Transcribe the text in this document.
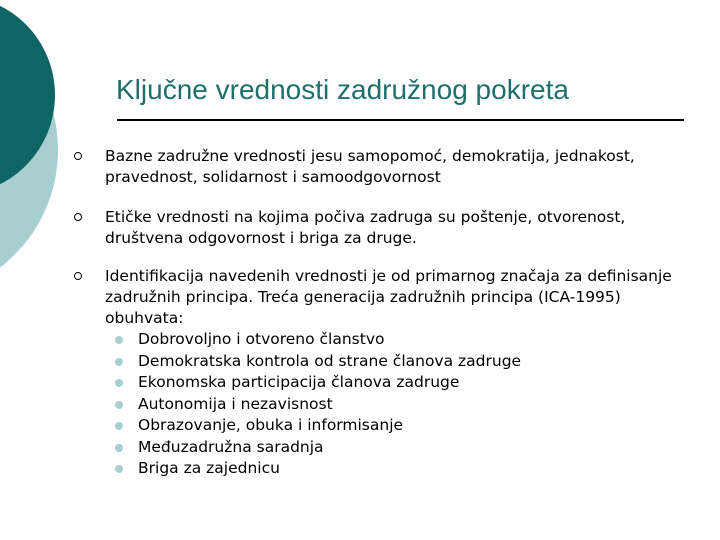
Ključne vrednosti zadružnog pokreta
Bazne zadružne vrednosti jesu samopomoć, demokratija, jednakost, pravednost, solidarnost i samoodgovornost
Etičke vrednosti na kojima počiva zadruga su poštenje, otvorenost, društvena odgovornost i briga za druge.
Identifikacija navedenih vrednosti je od primarnog značaja za definisanje zadružnih principa. Treća generacija zadružnih principa (ICA-1995) obuhvata:
Dobrovoljno i otvoreno članstvo
Demokratska kontrola od strane članova zadruge
Ekonomska participacija članova zadruge
Autonomija i nezavisnost
Obrazovanje, obuka i informisanje
Međuzadružna saradnja
Briga za zajednicu
